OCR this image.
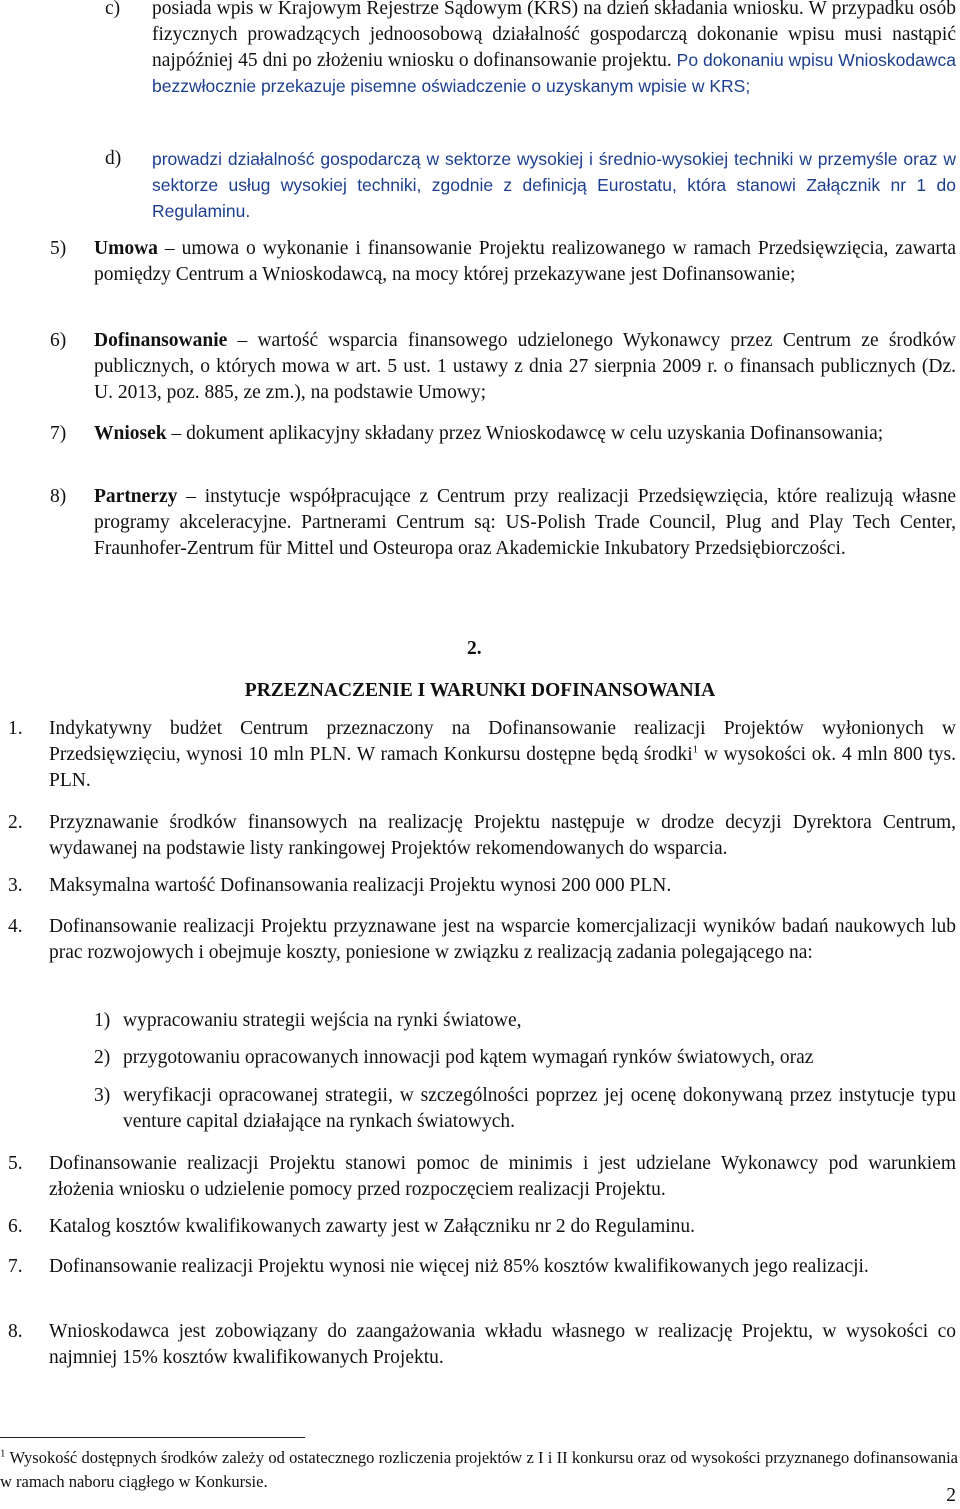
c) posiada wpis w Krajowym Rejestrze Sądowym (KRS) na dzień składania wniosku. W przypadku osób fizycznych prowadzących jednoosobową działalność gospodarczą dokonanie wpisu musi nastąpić najpóźniej 45 dni po złożeniu wniosku o dofinansowanie projektu. Po dokonaniu wpisu Wnioskodawca bezzwłocznie przekazuje pisemne oświadczenie o uzyskanym wpisie w KRS;
d) prowadzi działalność gospodarczą w sektorze wysokiej i średnio-wysokiej techniki w przemyśle oraz w sektorze usług wysokiej techniki, zgodnie z definicją Eurostatu, która stanowi Załącznik nr 1 do Regulaminu.
5) Umowa – umowa o wykonanie i finansowanie Projektu realizowanego w ramach Przedsięwzięcia, zawarta pomiędzy Centrum a Wnioskodawcą, na mocy której przekazywane jest Dofinansowanie;
6) Dofinansowanie – wartość wsparcia finansowego udzielonego Wykonawcy przez Centrum ze środków publicznych, o których mowa w art. 5 ust. 1 ustawy z dnia 27 sierpnia 2009 r. o finansach publicznych (Dz. U. 2013, poz. 885, ze zm.), na podstawie Umowy;
7) Wniosek – dokument aplikacyjny składany przez Wnioskodawcę w celu uzyskania Dofinansowania;
8) Partnerzy – instytucje współpracujące z Centrum przy realizacji Przedsięwzięcia, które realizują własne programy akceleracyjne. Partnerami Centrum są: US-Polish Trade Council, Plug and Play Tech Center, Fraunhofer-Zentrum für Mittel und Osteuropa oraz Akademickie Inkubatory Przedsiębiorczości.
2.
PRZEZNACZENIE I WARUNKI DOFINANSOWANIA
1. Indykatywny budżet Centrum przeznaczony na Dofinansowanie realizacji Projektów wyłonionych w Przedsięwzięciu, wynosi 10 mln PLN. W ramach Konkursu dostępne będą środki$^1$ w wysokości ok. 4 mln 800 tys. PLN.
2. Przyznawanie środków finansowych na realizację Projektu następuje w drodze decyzji Dyrektora Centrum, wydawanej na podstawie listy rankingowej Projektów rekomendowanych do wsparcia.
3. Maksymalna wartość Dofinansowania realizacji Projektu wynosi 200 000 PLN.
4. Dofinansowanie realizacji Projektu przyznawane jest na wsparcie komercjalizacji wyników badań naukowych lub prac rozwojowych i obejmuje koszty, poniesione w związku z realizacją zadania polegającego na:
1) wypracowaniu strategii wejścia na rynki światowe,
2) przygotowaniu opracowanych innowacji pod kątem wymagań rynków światowych, oraz
3) weryfikacji opracowanej strategii, w szczególności poprzez jej ocenę dokonywaną przez instytucje typu venture capital działające na rynkach światowych.
5. Dofinansowanie realizacji Projektu stanowi pomoc de minimis i jest udzielane Wykonawcy pod warunkiem złożenia wniosku o udzielenie pomocy przed rozpoczęciem realizacji Projektu.
6. Katalog kosztów kwalifikowanych zawarty jest w Załączniku nr 2 do Regulaminu.
7. Dofinansowanie realizacji Projektu wynosi nie więcej niż 85% kosztów kwalifikowanych jego realizacji.
8. Wnioskodawca jest zobowiązany do zaangażowania wkładu własnego w realizację Projektu, w wysokości co najmniej 15% kosztów kwalifikowanych Projektu.
$^1$ Wysokość dostępnych środków zależy od ostatecznego rozliczenia projektów z I i II konkursu oraz od wysokości przyznanego dofinansowania w ramach naboru ciągłego w Konkursie.
2
